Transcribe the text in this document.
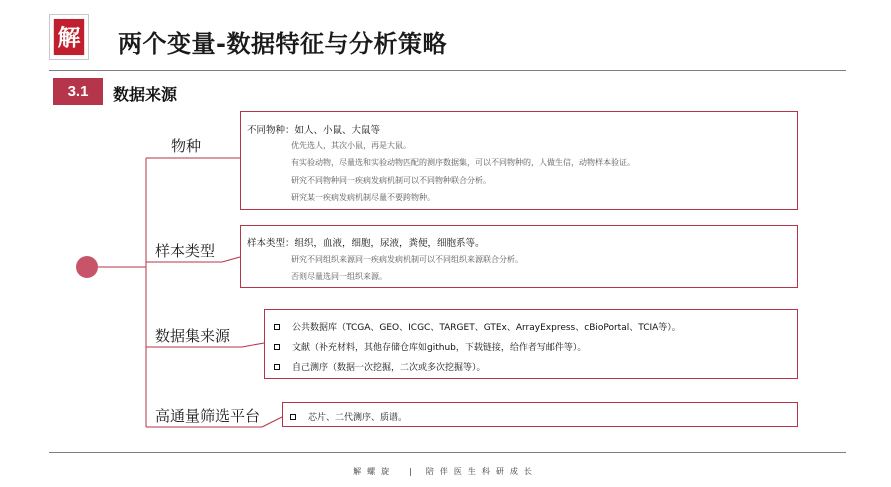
解 两个变量-数据特征与分析策略
3.1	数据来源
物种
样本类型
数据集来源
高通量筛选平台
不同物种：如人、小鼠、大鼠等
优先选人，其次小鼠，再是大鼠。
有实验动物，尽量选和实验动物匹配的测序数据集，可以不同物种的，人做生信，动物样本验证。
研究不同物种同一疾病发病机制可以不同物种联合分析。
研究某一疾病发病机制尽量不要跨物种。
样本类型：组织，血液，细胞，尿液，粪便，细胞系等。
研究不同组织来源同一疾病发病机制可以不同组织来源联合分析。
否则尽量选同一组织来源。
公共数据库（TCGA、GEO、ICGC、TARGET、GTEx、ArrayExpress、cBioPortal、TCIA等）。
文献（补充材料，其他存储仓库如github，下载链接，给作者写邮件等）。
自己测序（数据一次挖掘，二次或多次挖掘等）。
芯片、二代测序、质谱。
解螺旋 | 陪伴医生科研成长
